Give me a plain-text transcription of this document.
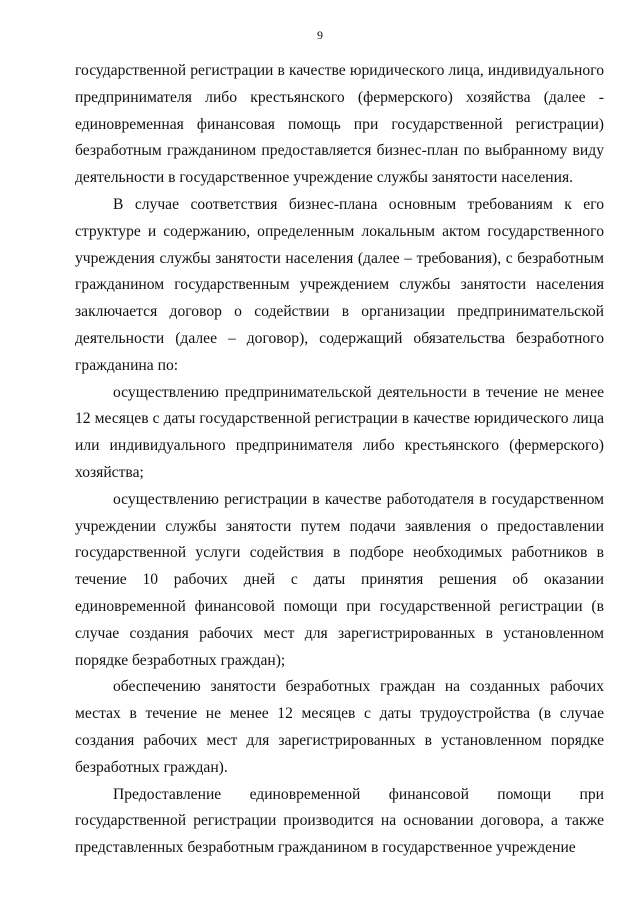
9

государственной регистрации в качестве юридического лица, индивидуального предпринимателя либо крестьянского (фермерского) хозяйства (далее - единовременная финансовая помощь при государственной регистрации) безработным гражданином предоставляется бизнес-план по выбранному виду деятельности в государственное учреждение службы занятости населения.

В случае соответствия бизнес-плана основным требованиям к его структуре и содержанию, определенным локальным актом государственного учреждения службы занятости населения (далее – требования), с безработным гражданином государственным учреждением службы занятости населения заключается договор о содействии в организации предпринимательской деятельности (далее – договор), содержащий обязательства безработного гражданина по:

осуществлению предпринимательской деятельности в течение не менее 12 месяцев с даты государственной регистрации в качестве юридического лица или индивидуального предпринимателя либо крестьянского (фермерского) хозяйства;

осуществлению регистрации в качестве работодателя в государственном учреждении службы занятости путем подачи заявления о предоставлении государственной услуги содействия в подборе необходимых работников в течение 10 рабочих дней с даты принятия решения об оказании единовременной финансовой помощи при государственной регистрации (в случае создания рабочих мест для зарегистрированных в установленном порядке безработных граждан);

обеспечению занятости безработных граждан на созданных рабочих местах в течение не менее 12 месяцев с даты трудоустройства (в случае создания рабочих мест для зарегистрированных в установленном порядке безработных граждан).

Предоставление единовременной финансовой помощи при государственной регистрации производится на основании договора, а также представленных безработным гражданином в государственное учреждение
